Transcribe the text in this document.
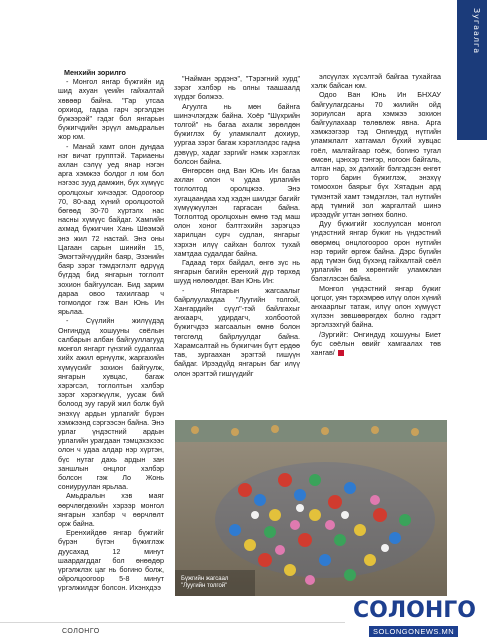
Зугаалга
Менхийн зорилго

- Монгол янгар бүжгийн ид шид ахуан үеийн гайхалтай хөвөөр байна. "Гар утсаа орхиод, гадаа гарч эргэлдэн бүжээрэй" гэдэг бол янгарын бүжигчдийн эрүүл амьдралын жор юм.

- Манай хамт олон дундаа нэг вичат групптэй. Тариаены ахлан сэлүү уед янар нэгэн арга хэмжээ болдог л юм бол нэгээс зууд дамжин, бүх хүмүүс оролцохыг хичээдэг. Одоогоор 70, 80-аад хүний оролцоотой бөгөөд 30-70 хүртэлх нас насны хүмүүс байдаг. Хамгийн ахмад бүжигчин Хань Шөэмэй энэ жил 72 настай. Энэ оны Цагаан сарын шинийн 15, Эмэгтэйчүүдийн баяр, Эзэнийн баяр зэрэг тэмдэглэлт өдрүүд бүгдэд бид янгарын тоглолт зохион байгуулсан. Бид зарим дараа овоо тахилгаар ч тогмолдог гэж Ван Юнь Ин ярьлаа.

- Сүүлийн жилүүдэд Онгиндуд хошууны сөёлын салбарын албан байгууллагууд монгол янгарт гүнзгий судалгаа хийх ажил өрнүүлж, жаргахийн хүмүүсийг зохион байгуулж, янгарын хувцас, багаж хэрэгсэл, тоглолтын хэлбэр зэрэг хэрэгжүүлж, уусаж бий болоод зуу гаруй жил болж буй энэхүү ардын урлагийг бүрэн хэмжээнд сэргээсэн байна. Энэ урлаг үндэстний ардын урлагийн урагдаан тэмцэхэхээс олон ч удаа алдар нэр хүртэн, бүс нутаг дахь ардын зан заншлын онцлог хэлбэр болсон гэж Ло Жонь сониуруулан ярьлаа.

Амьдралын хэв маяг өөрчлөгдөхийн хэрээр монгол янгарын хэлбэр ч өөрчлөлт орж байна.

Еренхийдөө янгар бүжгийг бүрэн бүтэн бүжиглэж дуусахад 12 минут шаардагддаг бол өнөөдөр үргэлжлэх цаг нь богино болж, ойролцоогоор 5-8 минут үргэлжилдэг болсон. Ихэнхдээ

"Найман эрдэнэ", "Тэрэгний хурд" зэрэг хэлбэр нь олны таашаалд хүрдэг болжээ.

Агуулга нь мөн байнга шинэчлэгдэж байна. Хоёр "Шүхрийн толгой" нь багаа ахалж зөрөлдөн бүжиглэх бу уламжлалт дохиур, уургаа зэрэг багаж хэрэглэлдэс гадна дэвүүр, хадаг зэргийг нэмж хэрэглэх болсон байна.

Өнгөрсөн онд Ван Юнь Ин багаа ахлан олон ч удаа урлагийн тоглолтод оролцжээ. Энэ хугацаандаа хэд хэдэн шилдэг багийг хүмүүжүүлэн гаргасан байна. Тоглолтод оролцохын өмнө тэд маш олон хоног бэлтгэхийн зэрэгцээ харилцан сурч судлан, янгарыг хэрхэн илүү сайхан болгох тухай хамтдаа судалдаг байна.

Гадаад төрх байдал, өнгө зүс нь янгарын багийн еренхий дүр төрхөд шууд нөлөөлдөг. Ван Юнь Ин:

- Янгарын жагсаалыг байрлуулахдаа "Луугийн толгой, Хангардийн сүүл"-тэй байлгахыг анхаарч, удирдагч, холбоотой бүжигчдээ жагсаалын өмнө болон төгсгөлд байрлуулдаг байна. Харамсалтай нь бүжигчин бүгт ердөө тав, зургаахан эрэгтэй гишүүн байдаг. Ирээдүйд янгарын баг илүү олон эрэгтэй гишүүдийг

элсүүлэх хүсэлтэй байгаа тухайгаа хэлж байсан юм.

Одоо Ван Юнь Ин БНХАУ байгуулагдсаны 70 жилийн ойд зориулсан арга хэмжээ зохион байгуулахаар төлөвлөж явна. Арга хэмжээгээр тэд Онгиндуд нүтгийн уламжлалт хатгамал бүхий хувцас гоёл, малгайгаар гоёж, богино тугал өмсөн, цэнхэр тэнгэр, ногоон байгаль, алтан нар, эх дэлхийг бэлгэдсэн өнгөт торго барин бүжиглэж, энэхүү томоохон баярыг бүх Хятадын ард түмэнтэй хамт тэмдэглэн, тал нутгийн ард түмний зол жаргалтай шинэ ирээдүйг угтан зөгнөх болно.

Дуу бүжигийг хослуулсан монгол үндэстний янгар бүжиг нь үндэстний өвөрмөц онцлогоороо орон нутгийн нэр төрийг өргөж байна. Дэрс бүгийн ард түмэн бид бүхэнд гайхалтай сөёл урлагийн өв хөрөнгийг уламжлан бэлэглэсэн байна.

Монгол үндэстний янгар бүжиг цогцог, уян тэрхэмрөө илүү олон хүний анхаарлыг татаж, илүү олон хүмүүст хүлээн зөвшөөрөгдөх болно гэдэгт эргэлзэхгүй байна.

/Зургийг: Онгиндуд хошууны Биет бус сөёлын өвийг хамгаалах төв хангав/

Бүжгийн жагсаал
"Луугийн толгой"
СОЛОНГО
СОЛОНГО
SOLONGONEWS.MN
